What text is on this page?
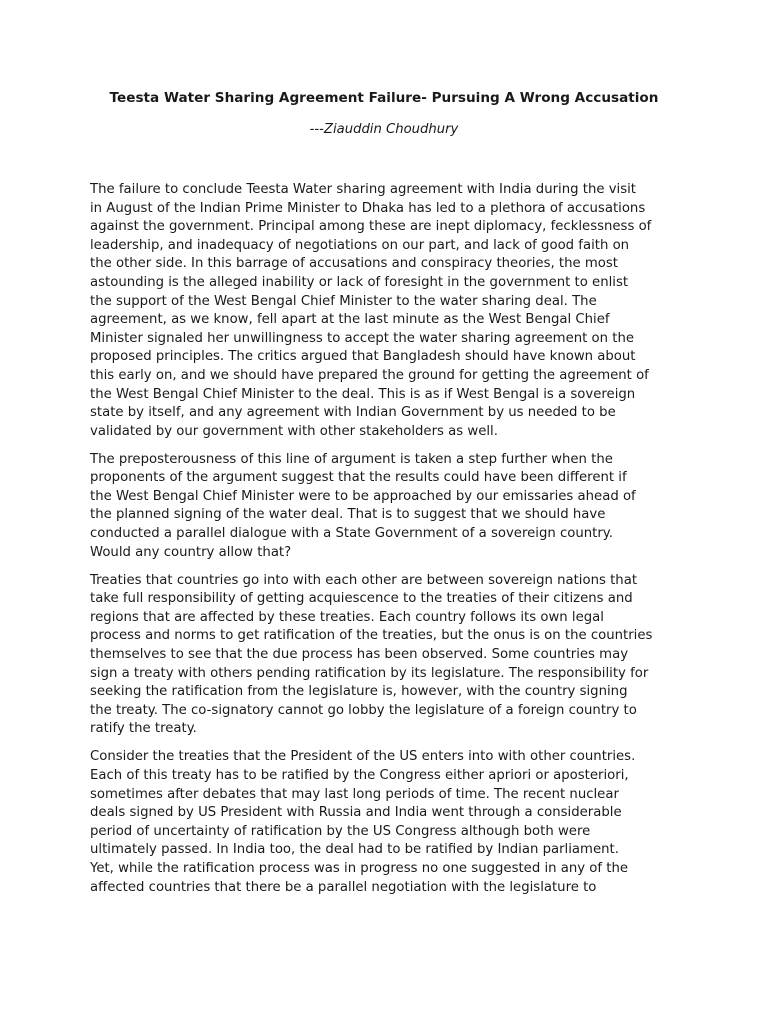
Teesta Water Sharing Agreement Failure- Pursuing A Wrong Accusation

---Ziauddin Choudhury

The failure to conclude Teesta Water sharing agreement with India during the visit
in August of the Indian Prime Minister to Dhaka has led to a plethora of accusations
against the government. Principal among these are inept diplomacy, fecklessness of
leadership, and inadequacy of negotiations on our part, and lack of good faith on
the other side. In this barrage of accusations and conspiracy theories, the most
astounding is the alleged inability or lack of foresight in the government to enlist
the support of the West Bengal Chief Minister to the water sharing deal. The
agreement, as we know, fell apart at the last minute as the West Bengal Chief
Minister signaled her unwillingness to accept the water sharing agreement on the
proposed principles. The critics argued that Bangladesh should have known about
this early on, and we should have prepared the ground for getting the agreement of
the West Bengal Chief Minister to the deal. This is as if West Bengal is a sovereign
state by itself, and any agreement with Indian Government by us needed to be
validated by our government with other stakeholders as well.

The preposterousness of this line of argument is taken a step further when the
proponents of the argument suggest that the results could have been different if
the West Bengal Chief Minister were to be approached by our emissaries ahead of
the planned signing of the water deal. That is to suggest that we should have
conducted a parallel dialogue with a State Government of a sovereign country.
Would any country allow that?

Treaties that countries go into with each other are between sovereign nations that
take full responsibility of getting acquiescence to the treaties of their citizens and
regions that are affected by these treaties. Each country follows its own legal
process and norms to get ratification of the treaties, but the onus is on the countries
themselves to see that the due process has been observed. Some countries may
sign a treaty with others pending ratification by its legislature. The responsibility for
seeking the ratification from the legislature is, however, with the country signing
the treaty. The co-signatory cannot go lobby the legislature of a foreign country to
ratify the treaty.

Consider the treaties that the President of the US enters into with other countries.
Each of this treaty has to be ratified by the Congress either apriori or aposteriori,
sometimes after debates that may last long periods of time. The recent nuclear
deals signed by US President with Russia and India went through a considerable
period of uncertainty of ratification by the US Congress although both were
ultimately passed. In India too, the deal had to be ratified by Indian parliament.
Yet, while the ratification process was in progress no one suggested in any of the
affected countries that there be a parallel negotiation with the legislature to
